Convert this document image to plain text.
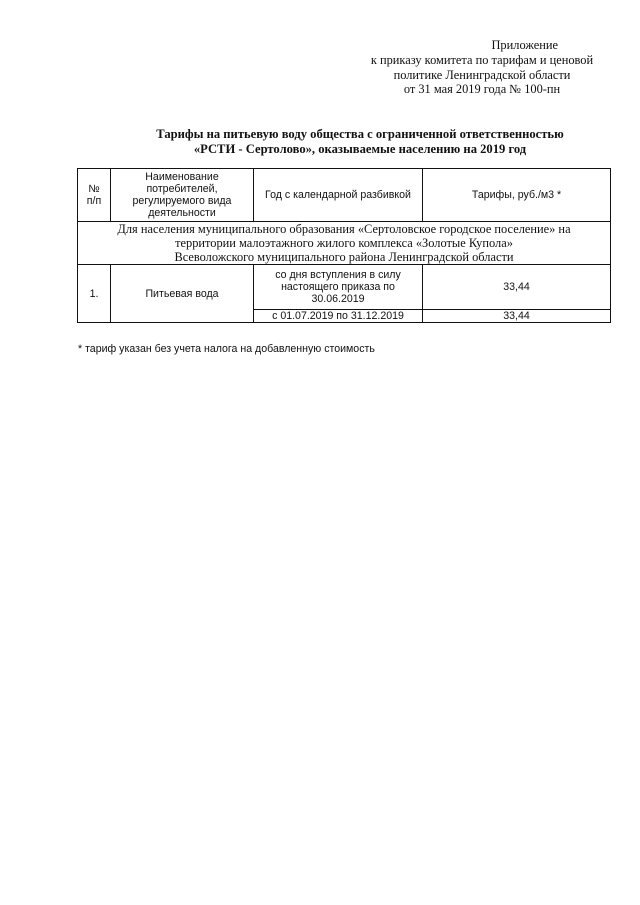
Приложение
к приказу комитета по тарифам и ценовой
политике Ленинградской области
от 31 мая 2019 года № 100-пн
Тарифы на питьевую воду общества с ограниченной ответственностью
«РСТИ - Сертолово», оказываемые населению на 2019 год
№
п/п	Наименование
потребителей,
регулируемого вида
деятельности	Год с календарной разбивкой	Тарифы, руб./м3 *

Для населения муниципального образования «Сертоловское городское поселение» на
территории малоэтажного жилого комплекса «Золотые Купола»
Всеволожского муниципального района Ленинградской области			

1.	Питьевая вода	со дня вступления в силу
настоящего приказа по
30.06.2019	33,44
		с 01.07.2019 по 31.12.2019	33,44
* тариф указан без учета налога на добавленную стоимость
